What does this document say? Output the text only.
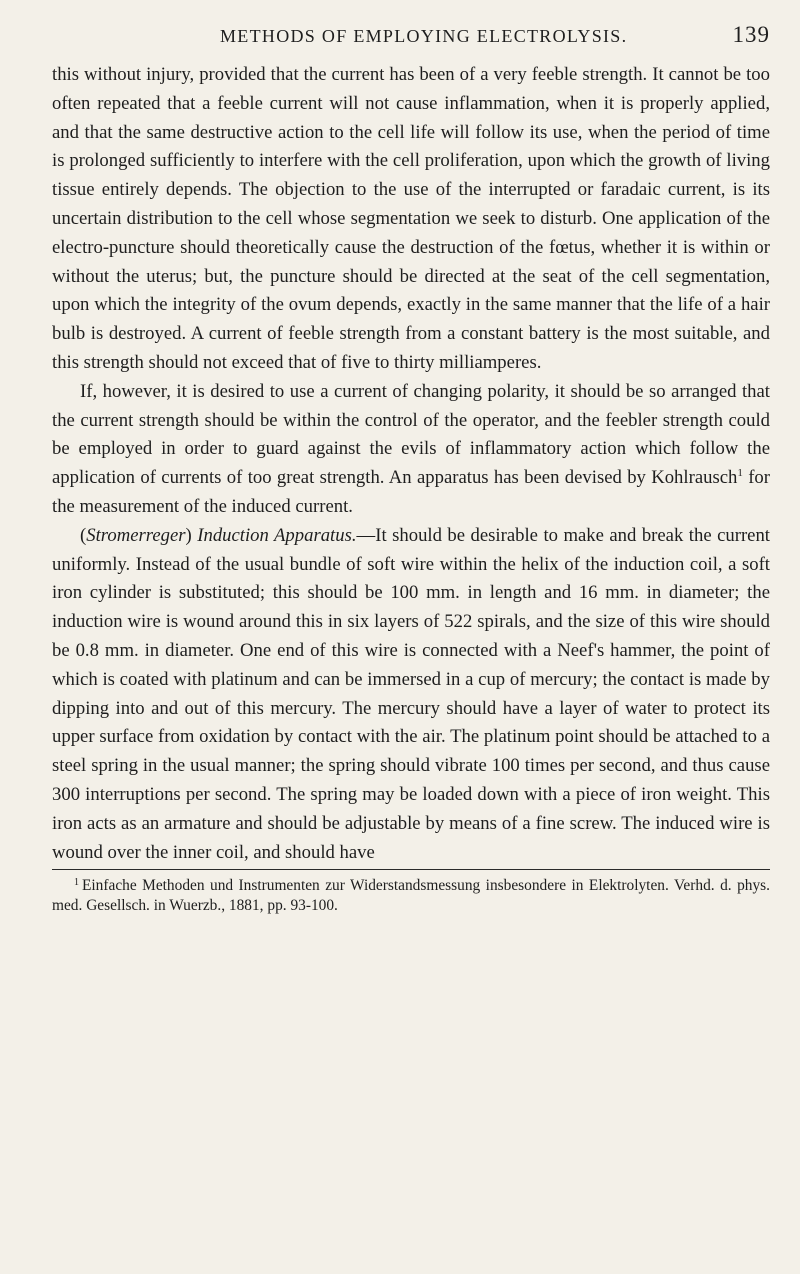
METHODS OF EMPLOYING ELECTROLYSIS.	139

this without injury, provided that the current has been of a very feeble strength. It cannot be too often repeated that a feeble current will not cause inflammation, when it is properly applied, and that the same destructive action to the cell life will follow its use, when the period of time is prolonged sufficiently to interfere with the cell proliferation, upon which the growth of living tissue entirely depends. The objection to the use of the interrupted or faradaic current, is its uncertain distribution to the cell whose segmentation we seek to disturb. One application of the electro-puncture should theoretically cause the destruction of the fœtus, whether it is within or without the uterus; but, the puncture should be directed at the seat of the cell segmentation, upon which the integrity of the ovum depends, exactly in the same manner that the life of a hair bulb is destroyed. A current of feeble strength from a constant battery is the most suitable, and this strength should not exceed that of five to thirty milliamperes.

If, however, it is desired to use a current of changing polarity, it should be so arranged that the current strength should be within the control of the operator, and the feebler strength could be employed in order to guard against the evils of inflammatory action which follow the application of currents of too great strength. An apparatus has been devised by Kohlrausch$^1$ for the measurement of the induced current.

(Stromerreger) Induction Apparatus.—It should be desirable to make and break the current uniformly. Instead of the usual bundle of soft wire within the helix of the induction coil, a soft iron cylinder is substituted; this should be 100 mm. in length and 16 mm. in diameter; the induction wire is wound around this in six layers of 522 spirals, and the size of this wire should be 0.8 mm. in diameter. One end of this wire is connected with a Neef's hammer, the point of which is coated with platinum and can be immersed in a cup of mercury; the contact is made by dipping into and out of this mercury. The mercury should have a layer of water to protect its upper surface from oxidation by contact with the air. The platinum point should be attached to a steel spring in the usual manner; the spring should vibrate 100 times per second, and thus cause 300 interruptions per second. The spring may be loaded down with a piece of iron weight. This iron acts as an armature and should be adjustable by means of a fine screw. The induced wire is wound over the inner coil, and should have

$^1$ Einfache Methoden und Instrumenten zur Widerstandsmessung insbesondere in Elektrolyten. Verhd. d. phys. med. Gesellsch. in Wuerzb., 1881, pp. 93-100.
